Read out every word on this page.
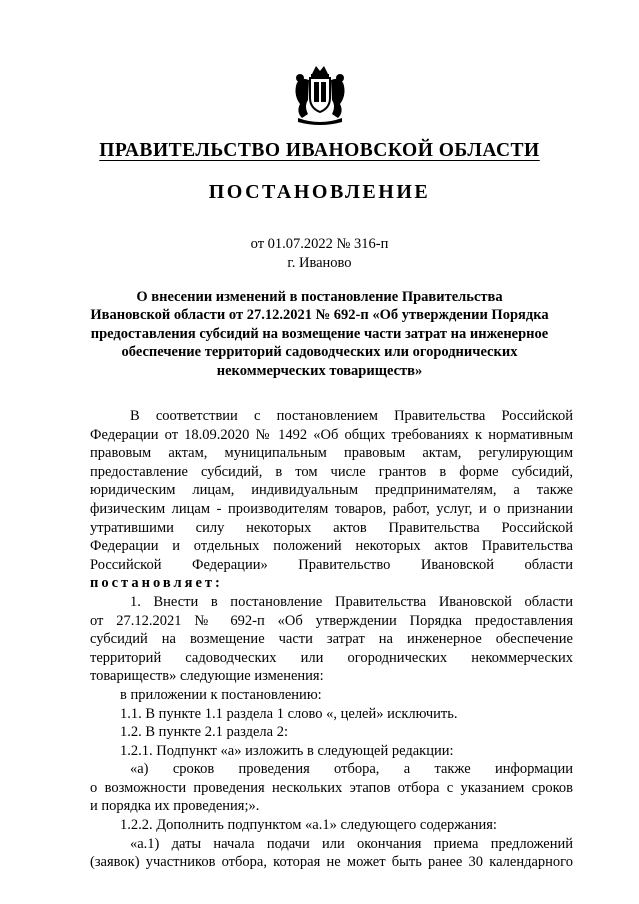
ПРАВИТЕЛЬСТВО ИВАНОВСКОЙ ОБЛАСТИ
ПОСТАНОВЛЕНИЕ
от 01.07.2022 № 316-п
г. Иваново
О внесении изменений в постановление Правительства
Ивановской области от 27.12.2021 № 692-п «Об утверждении Порядка
предоставления субсидий на возмещение части затрат на инженерное
обеспечение территорий садоводческих или огороднических
некоммерческих товариществ»

В соответствии с постановлением Правительства Российской

Федерации от 18.09.2020 № 1492 «Об общих требованиях к нормативным

правовым актам, муниципальным правовым актам, регулирующим

предоставление субсидий, в том числе грантов в форме субсидий,

юридическим лицам, индивидуальным предпринимателям, а также

физическим лицам - производителям товаров, работ, услуг, и о признании

утратившими силу некоторых актов Правительства Российской

Федерации и отдельных положений некоторых актов Правительства

Российской Федерации» Правительство Ивановской области

постановляет:

1. Внести в постановление Правительства Ивановской области

от 27.12.2021 № 692-п «Об утверждении Порядка предоставления

субсидий на возмещение части затрат на инженерное обеспечение

территорий садоводческих или огороднических некоммерческих

товариществ» следующие изменения:

в приложении к постановлению:

1.1. В пункте 1.1 раздела 1 слово «, целей» исключить.

1.2. В пункте 2.1 раздела 2:

1.2.1. Подпункт «а» изложить в следующей редакции:

«а) сроков проведения отбора, а также информации

о возможности проведения нескольких этапов отбора с указанием сроков

и порядка их проведения;».

1.2.2. Дополнить подпунктом «а.1» следующего содержания:

«а.1) даты начала подачи или окончания приема предложений

(заявок) участников отбора, которая не может быть ранее 30 календарного
